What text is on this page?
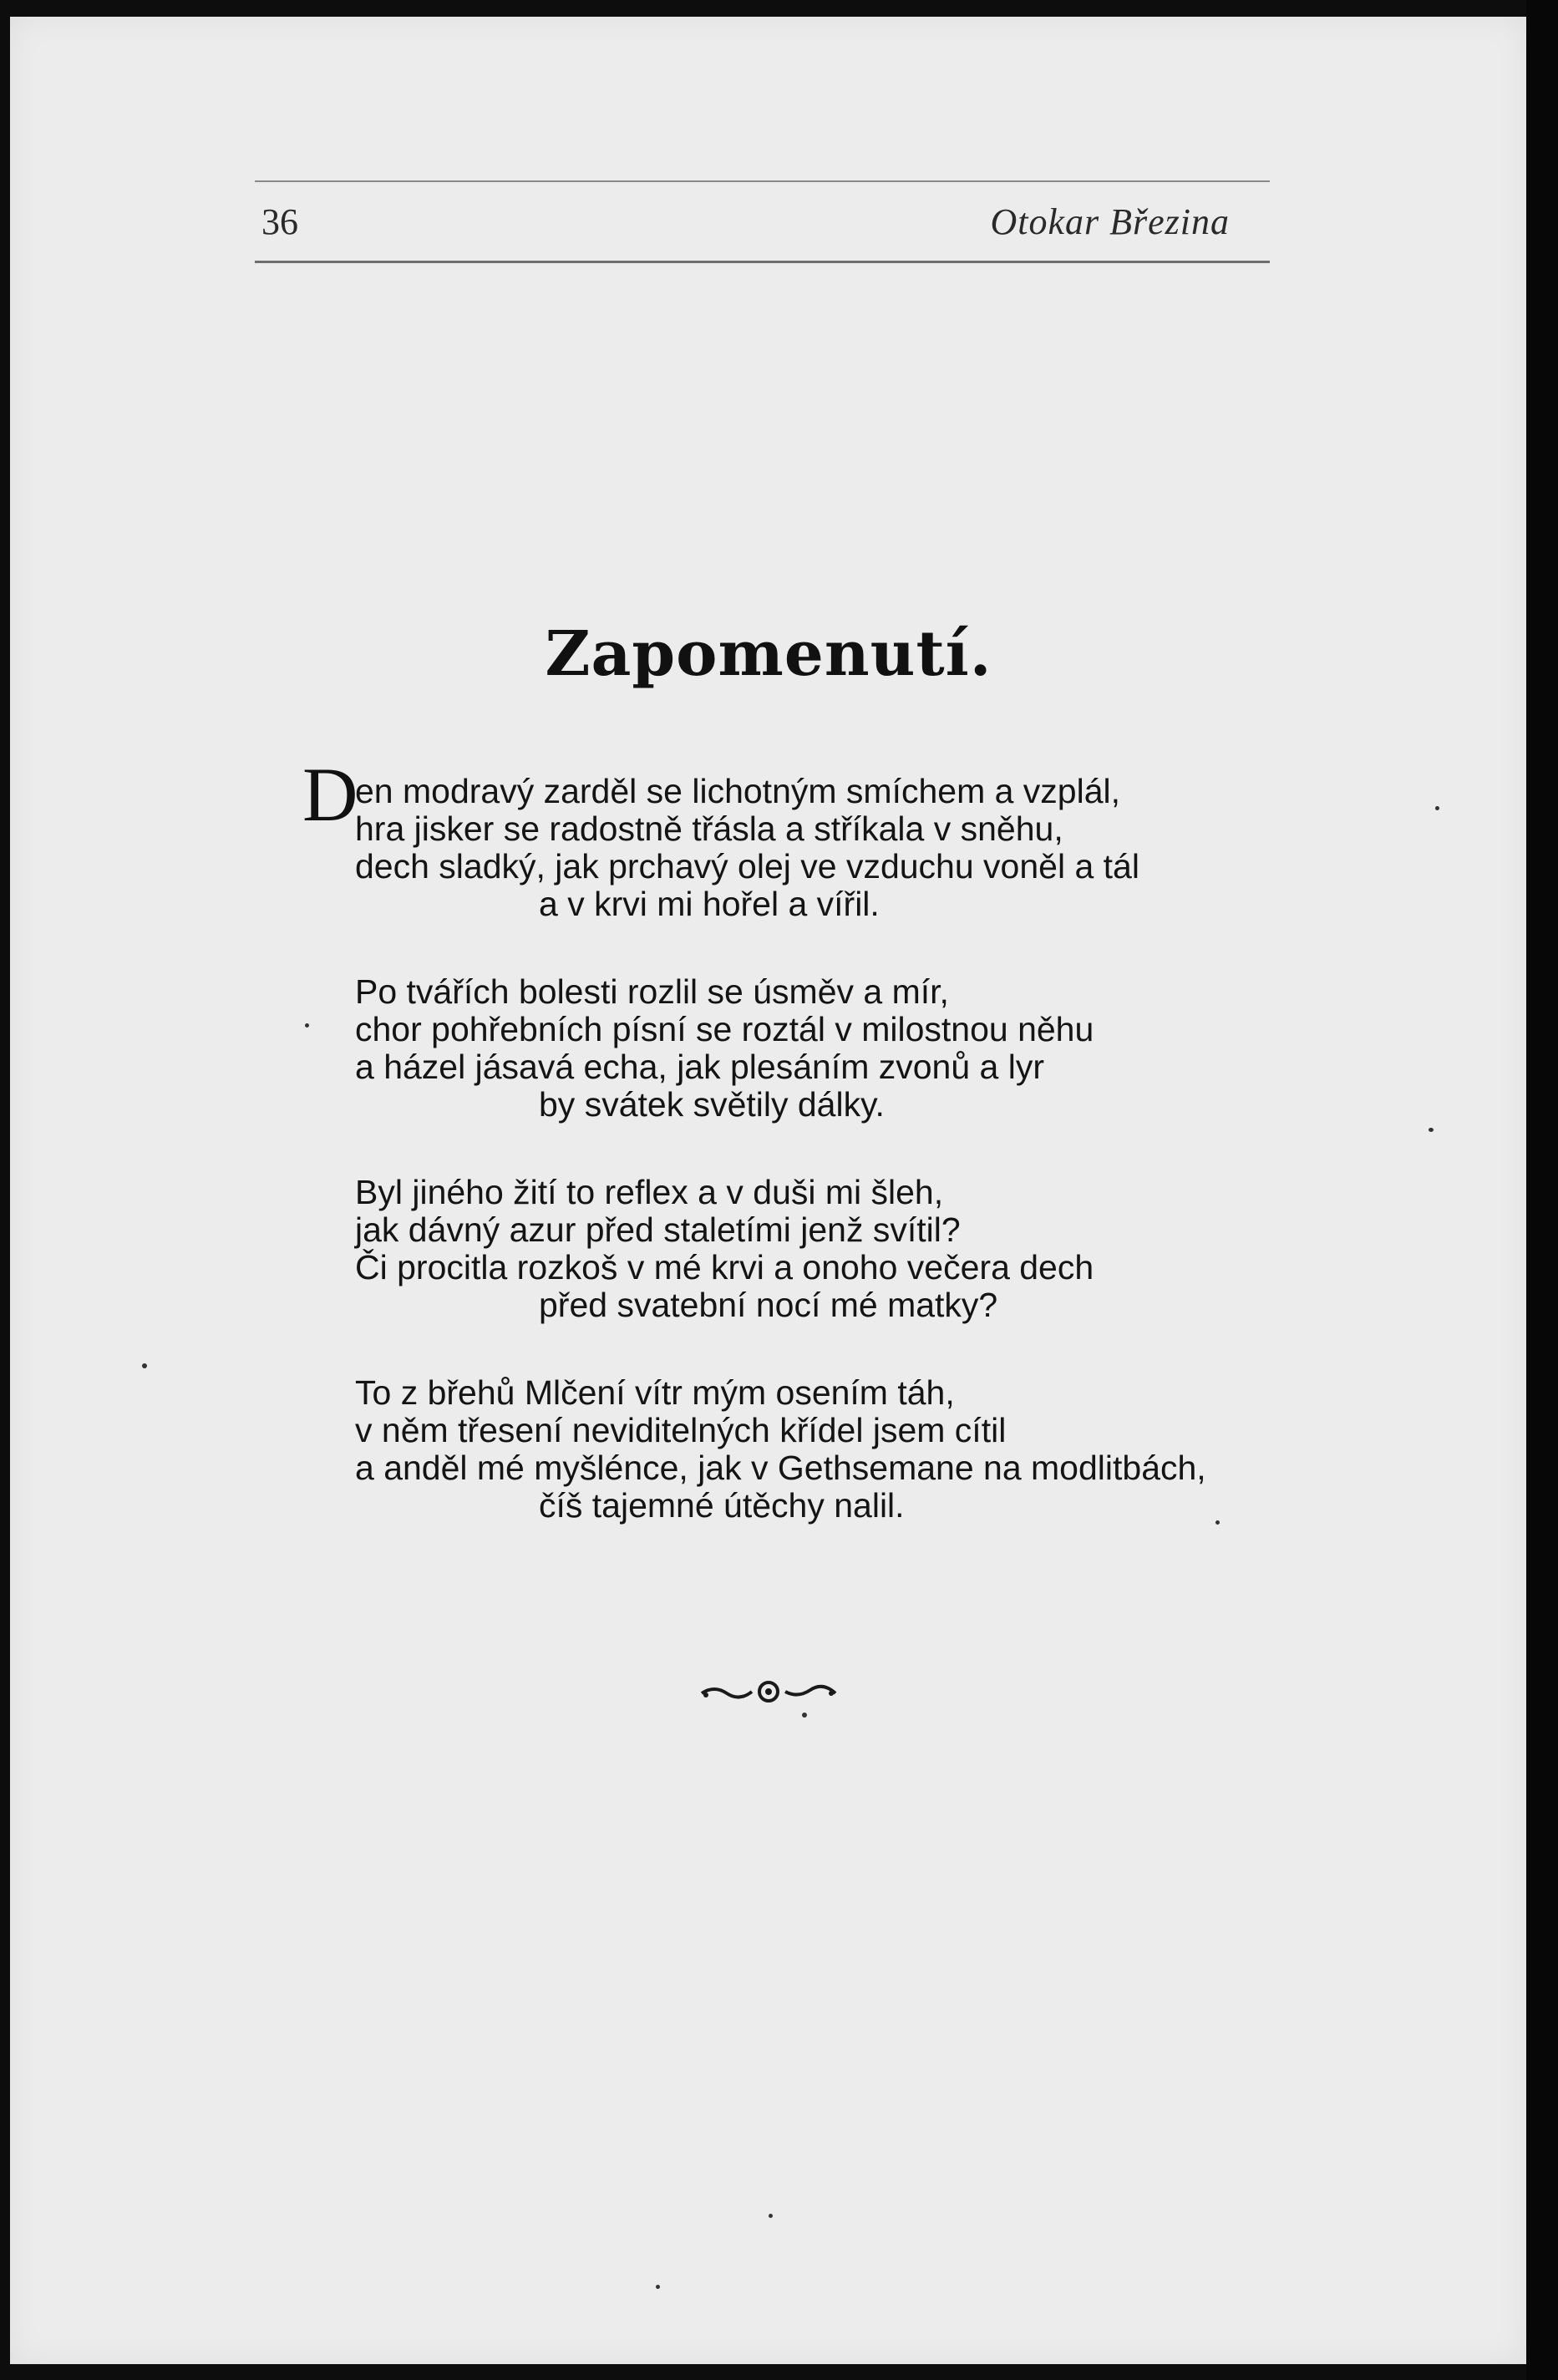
36	Otokar Březina
Zapomenutí.
D
en modravý zarděl se lichotným smíchem a vzplál,
hra jisker se radostně třásla a stříkala v sněhu,
dech sladký, jak prchavý olej ve vzduchu voněl a tál
a v krvi mi hořel a vířil.
Po tvářích bolesti rozlil se úsměv a mír,
chor pohřebních písní se roztál v milostnou něhu
a házel jásavá echa, jak plesáním zvonů a lyr
by svátek světily dálky.
Byl jiného žití to reflex a v duši mi šleh,
jak dávný azur před staletími jenž svítil?
Či procitla rozkoš v mé krvi a onoho večera dech
před svatební nocí mé matky?
To z břehů Mlčení vítr mým osením táh,
v něm třesení neviditelných křídel jsem cítil
a anděl mé myšlénce, jak v Gethsemane na modlitbách,
číš tajemné útěchy nalil.
